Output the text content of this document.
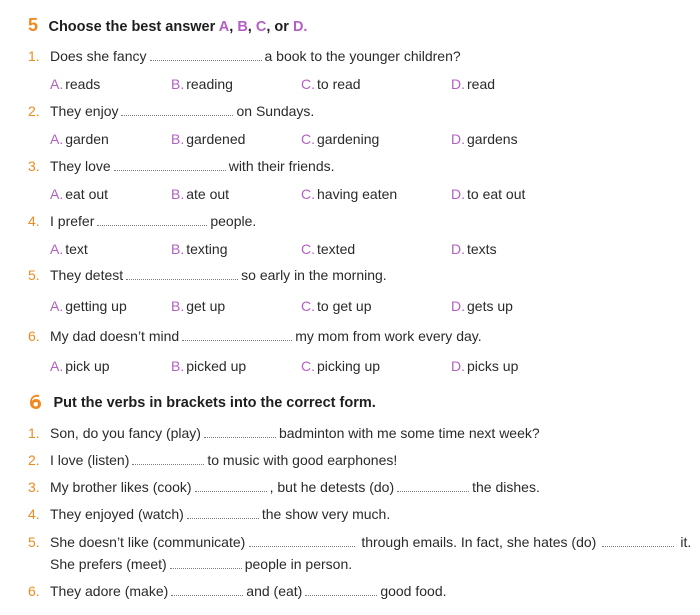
5 Choose the best answer A, B, C, or D.
1. Does she fancy	a book to the younger children?
A. reads	B. reading	C. to read	D. read
2. They enjoy	on Sundays.
A. garden	B. gardened	C. gardening	D. gardens
3. They love	with their friends.
A. eat out	B. ate out	C. having eaten	D. to eat out
4. I prefer	people.
A. text	B. texting	C. texted	D. texts
5. They detest	so early in the morning.
A. getting up	B. get up	C. to get up	D. gets up
6. My dad doesn’t mind	my mom from work every day.
A. pick up	B. picked up	C. picking up	D. picks up
Put the verbs in brackets into the correct form.
1. Son, do you fancy (play)	badminton with me some time next week?
2. I love (listen)	to music with good earphones!
3. My brother likes (cook)	, but he detests (do)	the dishes.
4. They enjoyed (watch)	the show very much.
5. She doesn’t like (communicate)	through emails. In fact, she hates (do)	it.
She prefers (meet)	people in person.
6. They adore (make)	and (eat)	good food.
